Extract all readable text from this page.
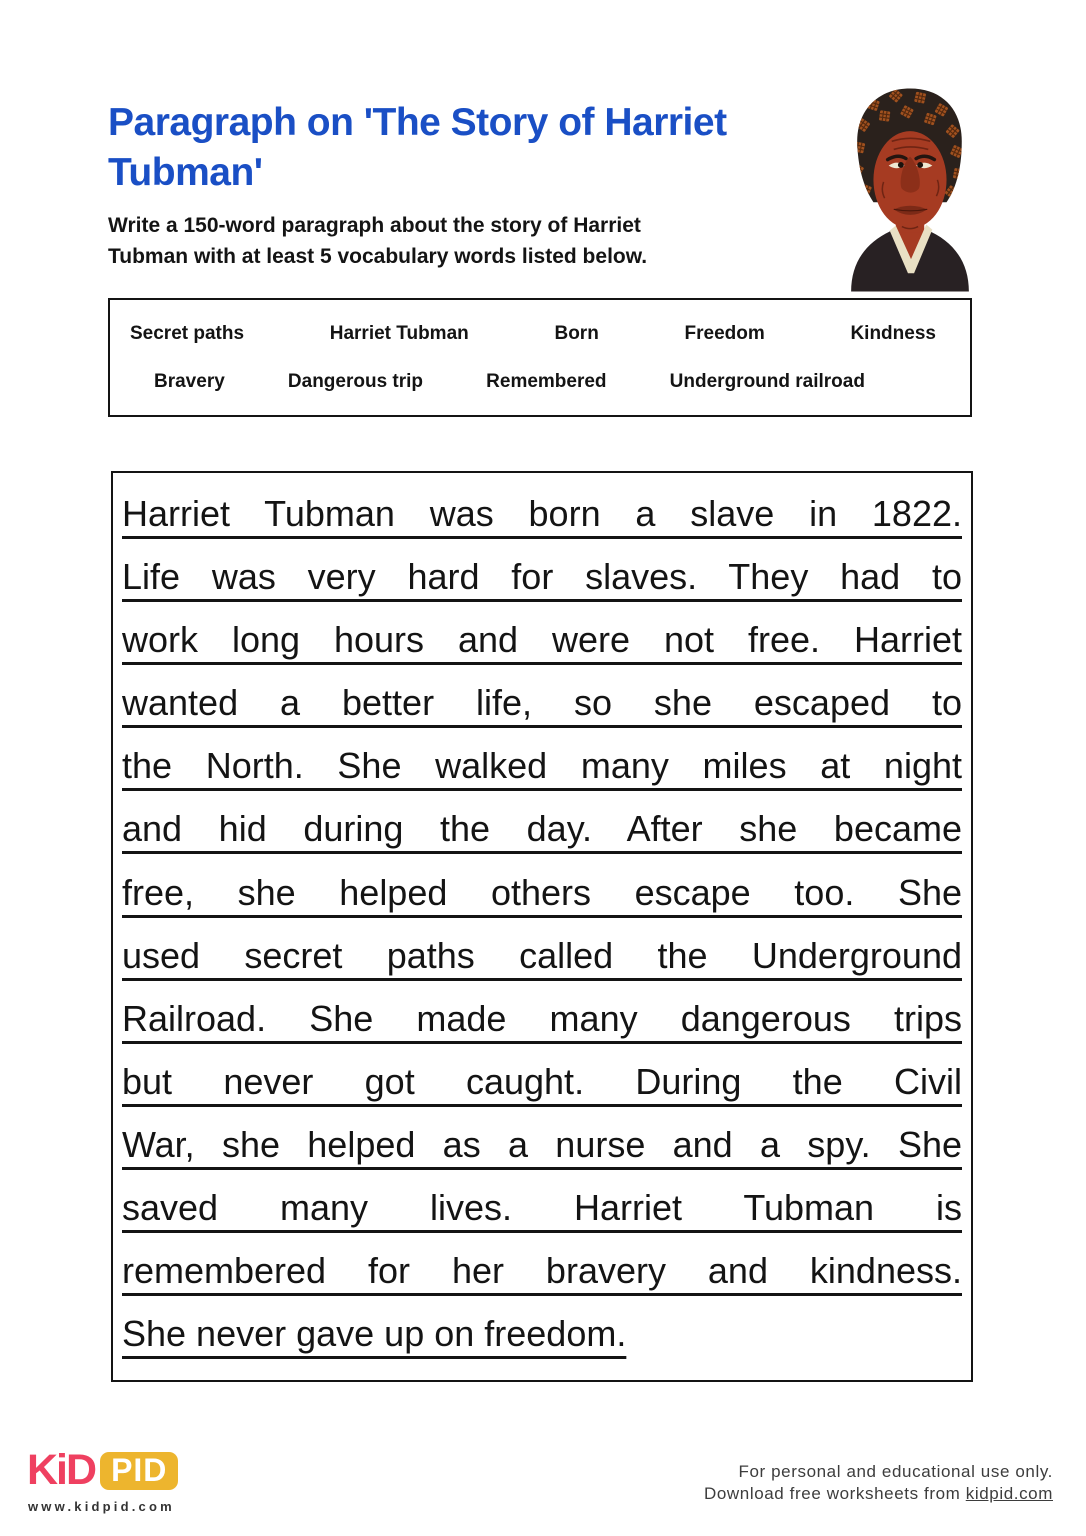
Paragraph on 'The Story of Harriet
Tubman'

Write a 150-word paragraph about the story of Harriet
Tubman with at least 5 vocabulary words listed below.

Secret paths	Harriet Tubman	Born	Freedom	Kindness
Bravery	Dangerous trip	Remembered	Underground railroad
Harriet Tubman was born a slave in 1822.
Life was very hard for slaves. They had to
work long hours and were not free. Harriet
wanted a better life, so she escaped to
the North. She walked many miles at night
and hid during the day. After she became
free, she helped others escape too. She
used secret paths called the Underground
Railroad. She made many dangerous trips
but never got caught. During the Civil
War, she helped as a nurse and a spy. She
saved many lives. Harriet Tubman is
remembered for her bravery and kindness.
She never gave up on freedom.
KiD PID
www.kidpid.com
For personal and educational use only.
Download free worksheets from kidpid.com
